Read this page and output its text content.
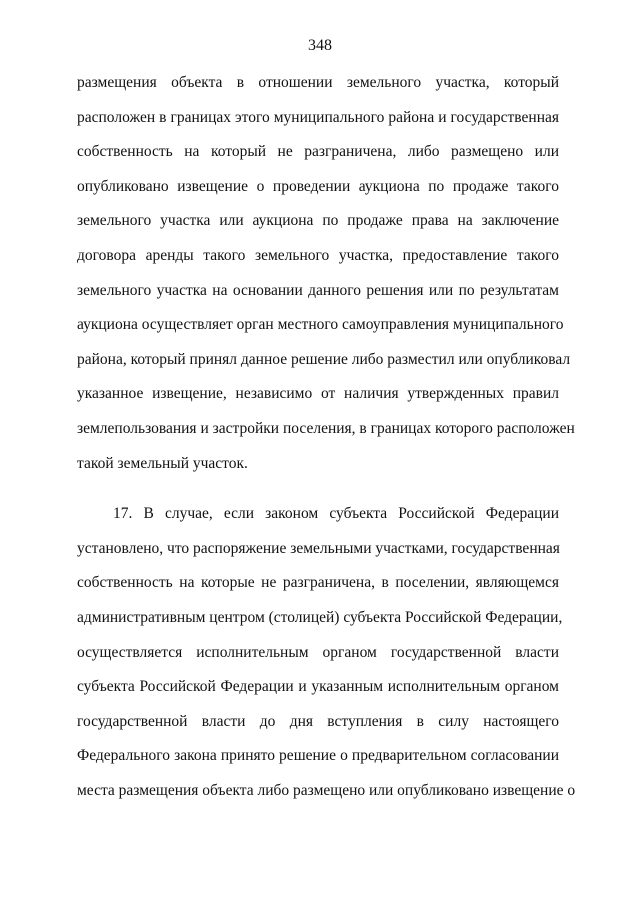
348
размещения объекта в отношении земельного участка, который
расположен в границах этого муниципального района и государственная
собственность на который не разграничена, либо размещено или
опубликовано извещение о проведении аукциона по продаже такого
земельного участка или аукциона по продаже права на заключение
договора аренды такого земельного участка, предоставление такого
земельного участка на основании данного решения или по результатам
аукциона осуществляет орган местного самоуправления муниципального
района, который принял данное решение либо разместил или опубликовал
указанное извещение, независимо от наличия утвержденных правил
землепользования и застройки поселения, в границах которого расположен
такой земельный участок.
17. В случае, если законом субъекта Российской Федерации
установлено, что распоряжение земельными участками, государственная
собственность на которые не разграничена, в поселении, являющемся
административным центром (столицей) субъекта Российской Федерации,
осуществляется исполнительным органом государственной власти
субъекта Российской Федерации и указанным исполнительным органом
государственной власти до дня вступления в силу настоящего
Федерального закона принято решение о предварительном согласовании
места размещения объекта либо размещено или опубликовано извещение о
